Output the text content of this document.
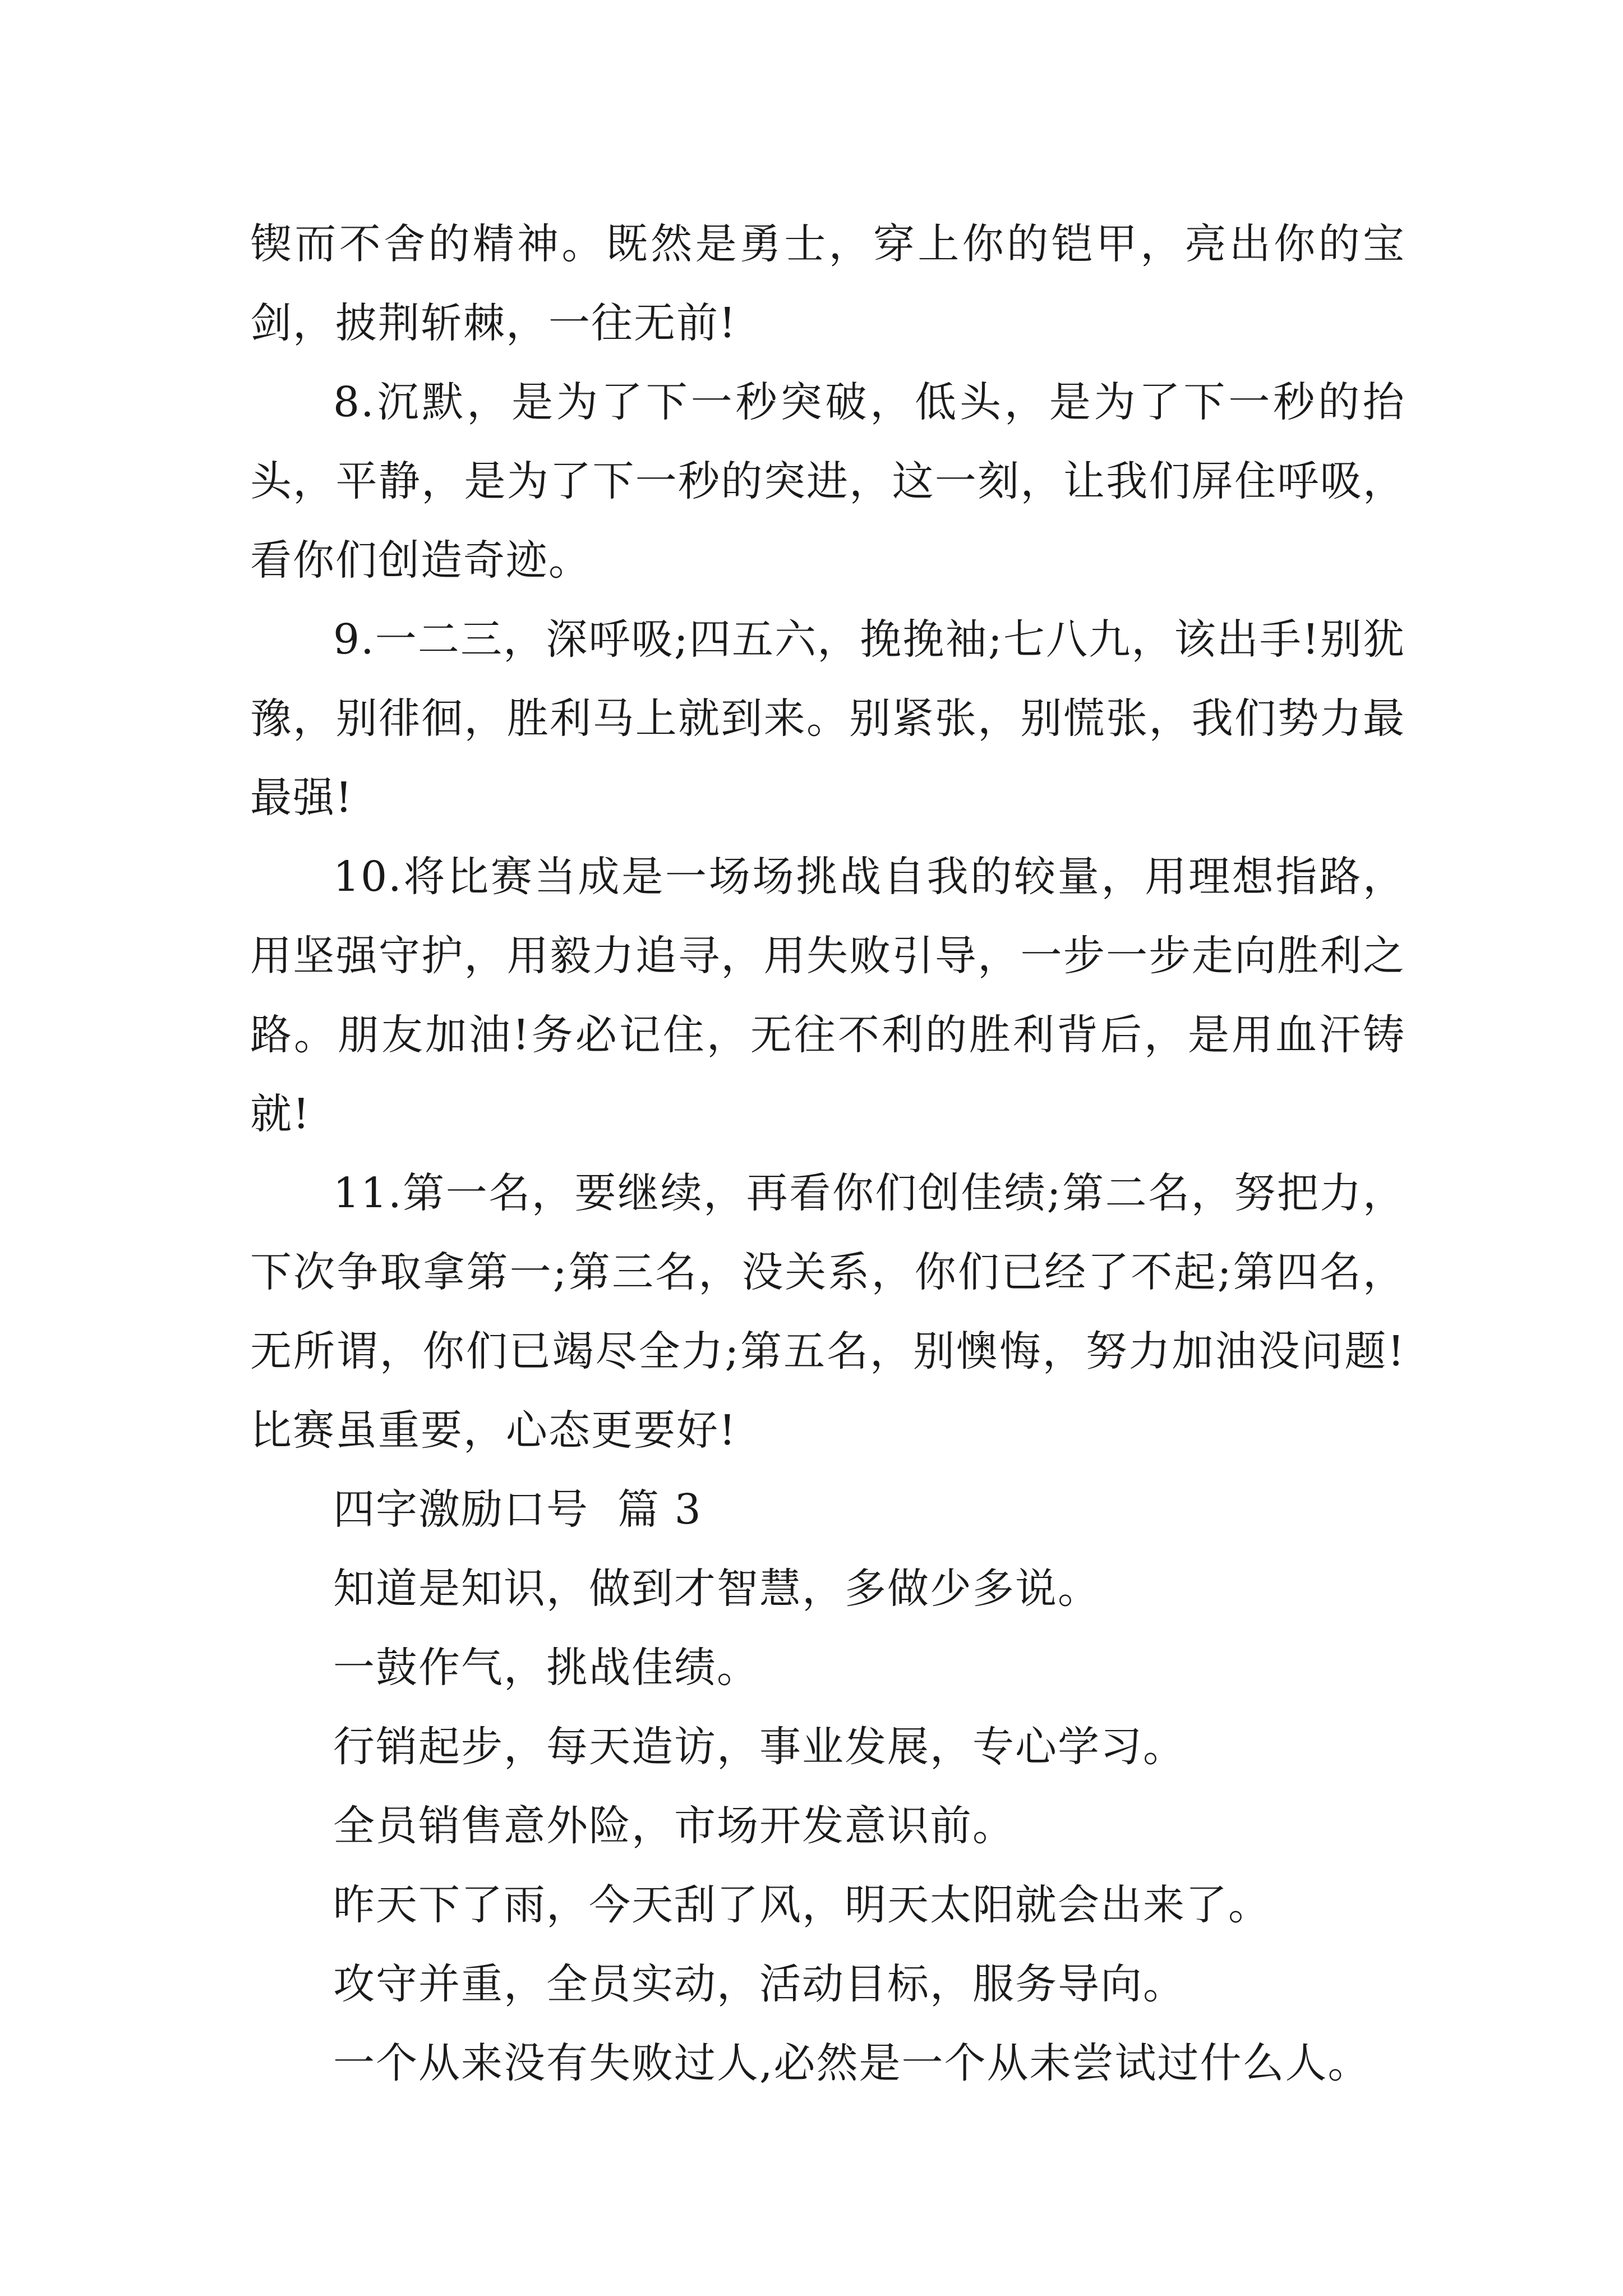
锲而不舍的精神。既然是勇士，穿上你的铠甲，亮出你的宝剑，披荆斩棘，一往无前!

8.沉默，是为了下一秒突破，低头，是为了下一秒的抬头，平静，是为了下一秒的突进，这一刻，让我们屏住呼吸，看你们创造奇迹。

9.一二三，深呼吸;四五六，挽挽袖;七八九，该出手!别犹豫，别徘徊，胜利马上就到来。别紧张，别慌张，我们势力最最强!

10.将比赛当成是一场场挑战自我的较量，用理想指路，用坚强守护，用毅力追寻，用失败引导，一步一步走向胜利之路。朋友加油!务必记住，无往不利的胜利背后，是用血汗铸就!

11.第一名，要继续，再看你们创佳绩;第二名，努把力，下次争取拿第一;第三名，没关系，你们已经了不起;第四名，无所谓，你们已竭尽全力;第五名，别懊悔，努力加油没问题!比赛虽重要，心态更要好!

四字激励口号  篇 3

知道是知识，做到才智慧，多做少多说。

一鼓作气，挑战佳绩。

行销起步，每天造访，事业发展，专心学习。

全员销售意外险，市场开发意识前。

昨天下了雨，今天刮了风，明天太阳就会出来了。

攻守并重，全员实动，活动目标，服务导向。

一个从来没有失败过人,必然是一个从未尝试过什么人。
